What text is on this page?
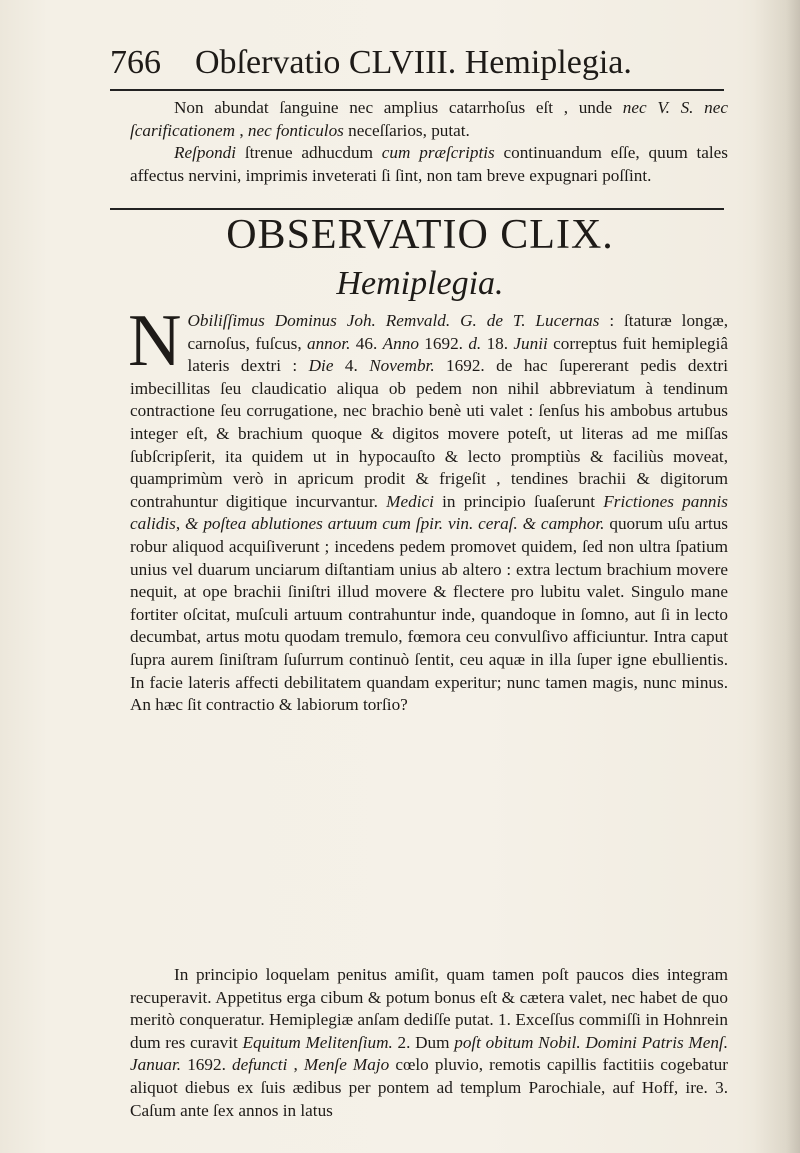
766 Obſervatio CLVIII. Hemiplegia.

Non abundat ſanguine nec amplius catarrhoſus eſt , unde nec V. S. nec ſcarificationem , nec fonticulos neceſſarios, putat.

Reſpondi ſtrenue adhucdum cum præſcriptis continuandum eſſe, quum tales affectus nervini, imprimis inveterati ſi ſint, non tam breve expugnari poſſint.

OBSERVATIO CLIX.
Hemiplegia.

N Obiliſſimus Dominus Joh. Remvald. G. de T. Lucernas : ſtaturæ longæ, carnoſus, fuſcus, annor. 46. Anno 1692. d. 18. Junii correptus fuit hemiplegiâ lateris dextri : Die 4. Novembr. 1692. de hac ſupererant pedis dextri imbecillitas ſeu claudicatio aliqua ob pedem non nihil abbreviatum à tendinum contractione ſeu corrugatione, nec brachio benè uti valet : ſenſus his ambobus artubus integer eſt, & brachium quoque & digitos movere poteſt, ut literas ad me miſſas ſubſcripſerit, ita quidem ut in hypocauſto & lecto promptiùs & faciliùs moveat, quamprimùm verò in apricum prodit & frigeſit , tendines brachii & digitorum contrahuntur digitique incurvantur. Medici in principio ſuaſerunt Frictiones pannis calidis, & poſtea ablutiones artuum cum ſpir. vin. ceraſ. & camphor. quorum uſu artus robur aliquod acquiſiverunt ; incedens pedem promovet quidem, ſed non ultra ſpatium unius vel duarum unciarum diſtantiam unius ab altero : extra lectum brachium movere nequit, at ope brachii ſiniſtri illud movere & flectere pro lubitu valet. Singulo mane fortiter oſcitat, muſculi artuum contrahuntur inde, quandoque in ſomno, aut ſi in lecto decumbat, artus motu quodam tremulo, fœmora ceu convulſivo afficiuntur. Intra caput ſupra aurem ſiniſtram ſuſurrum continuò ſentit, ceu aquæ in illa ſuper igne ebullientis. In facie lateris affecti debilitatem quandam experitur; nunc tamen magis, nunc minus. An hæc ſit contractio & labiorum torſio?

In principio loquelam penitus amiſit, quam tamen poſt paucos dies integram recuperavit. Appetitus erga cibum & potum bonus eſt & cætera valet, nec habet de quo meritò conqueratur. Hemiplegiæ anſam dediſſe putat. 1. Exceſſus commiſſi in Hohnrein dum res curavit Equitum Melitenſium. 2. Dum poſt obitum Nobil. Domini Patris Menſ. Januar. 1692. defuncti , Menſe Majo cœlo pluvio, remotis capillis factitiis cogebatur aliquot diebus ex ſuis ædibus per pontem ad templum Parochiale, auf Hoff, ire. 3. Caſum ante ſex annos in latus
